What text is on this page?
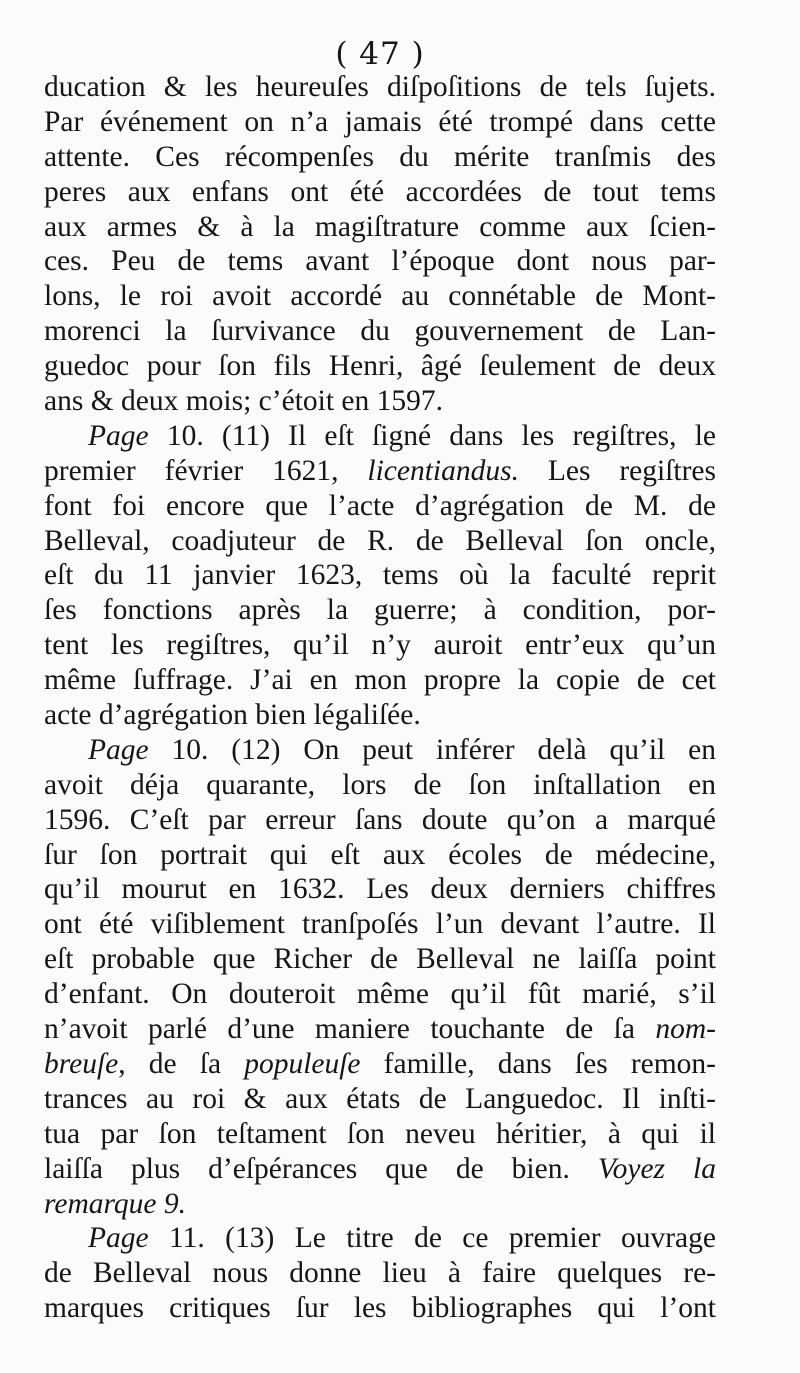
( 47 )
ducation & les heureuſes diſpoſitions de tels ſujets.
Par événement on n’a jamais été trompé dans cette
attente. Ces récompenſes du mérite tranſmis des
peres aux enfans ont été accordées de tout tems
aux armes & à la magiſtrature comme aux ſcien-
ces. Peu de tems avant l’époque dont nous par-
lons, le roi avoit accordé au connétable de Mont-
morenci la ſurvivance du gouvernement de Lan-
guedoc pour ſon fils Henri, âgé ſeulement de deux
ans & deux mois; c’étoit en 1597.
Page 10. (11) Il eſt ſigné dans les regiſtres, le
premier février 1621, licentiandus. Les regiſtres
font foi encore que l’acte d’agrégation de M. de
Belleval, coadjuteur de R. de Belleval ſon oncle,
eſt du 11 janvier 1623, tems où la faculté reprit
ſes fonctions après la guerre; à condition, por-
tent les regiſtres, qu’il n’y auroit entr’eux qu’un
même ſuffrage. J’ai en mon propre la copie de cet
acte d’agrégation bien légaliſée.
Page 10. (12) On peut inférer delà qu’il en
avoit déja quarante, lors de ſon inſtallation en
1596. C’eſt par erreur ſans doute qu’on a marqué
ſur ſon portrait qui eſt aux écoles de médecine,
qu’il mourut en 1632. Les deux derniers chiffres
ont été viſiblement tranſpoſés l’un devant l’autre. Il
eſt probable que Richer de Belleval ne laiſſa point
d’enfant. On douteroit même qu’il fût marié, s’il
n’avoit parlé d’une maniere touchante de ſa nom-
breuſe, de ſa populeuſe famille, dans ſes remon-
trances au roi & aux états de Languedoc. Il inſti-
tua par ſon teſtament ſon neveu héritier, à qui il
laiſſa plus d’eſpérances que de bien. Voyez la
remarque 9.
Page 11. (13) Le titre de ce premier ouvrage
de Belleval nous donne lieu à faire quelques re-
marques critiques ſur les bibliographes qui l’ont
